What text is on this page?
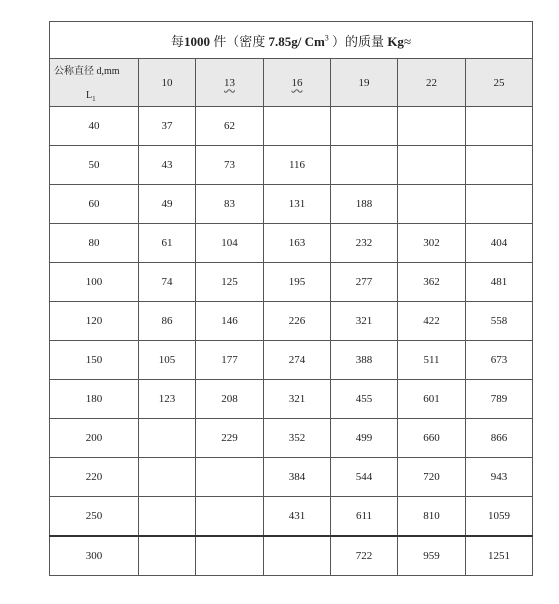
每1000 件（密度 7.85g/ Cm$^3$ ）的质量 Kg≈						

公称直径 d,mm
$L_1$	10	13	16	19	22	25
40	37	62				
50	43	73	116			
60	49	83	131	188		
80	61	104	163	232	302	404
100	74	125	195	277	362	481
120	86	146	226	321	422	558
150	105	177	274	388	511	673
180	123	208	321	455	601	789
200		229	352	499	660	866
220			384	544	720	943
250			431	611	810	1059
300				722	959	1251
